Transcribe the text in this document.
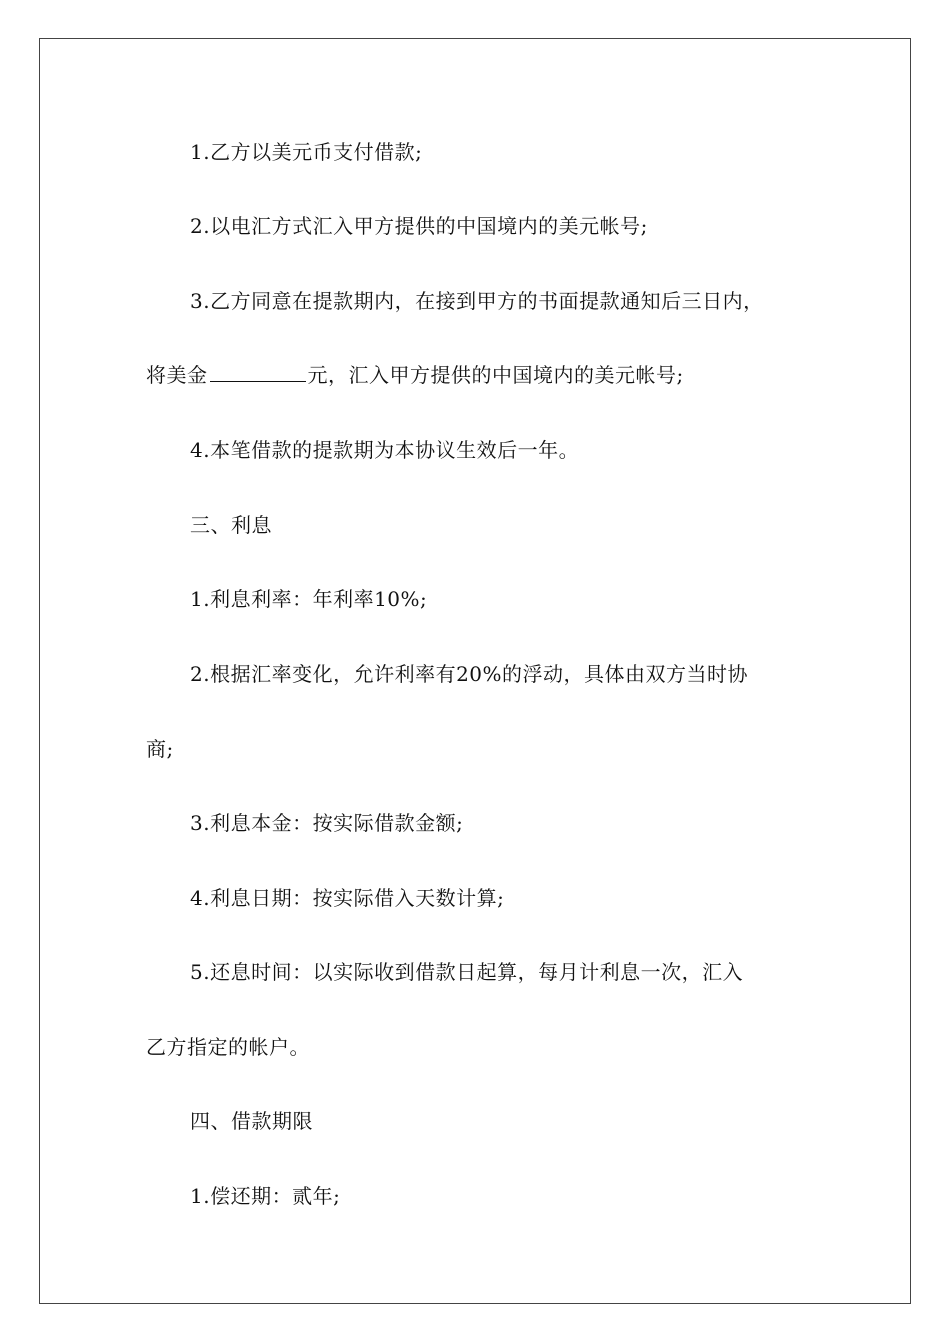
1.乙方以美元币支付借款;
2.以电汇方式汇入甲方提供的中国境内的美元帐号;
3.乙方同意在提款期内，在接到甲方的书面提款通知后三日内，
将美金	元，汇入甲方提供的中国境内的美元帐号;
4.本笔借款的提款期为本协议生效后一年。
三、利息
1.利息利率：年利率10%;
2.根据汇率变化，允许利率有20%的浮动，具体由双方当时协
商;
3.利息本金：按实际借款金额;
4.利息日期：按实际借入天数计算;
5.还息时间：以实际收到借款日起算，每月计利息一次，汇入
乙方指定的帐户。
四、借款期限
1.偿还期：贰年;
